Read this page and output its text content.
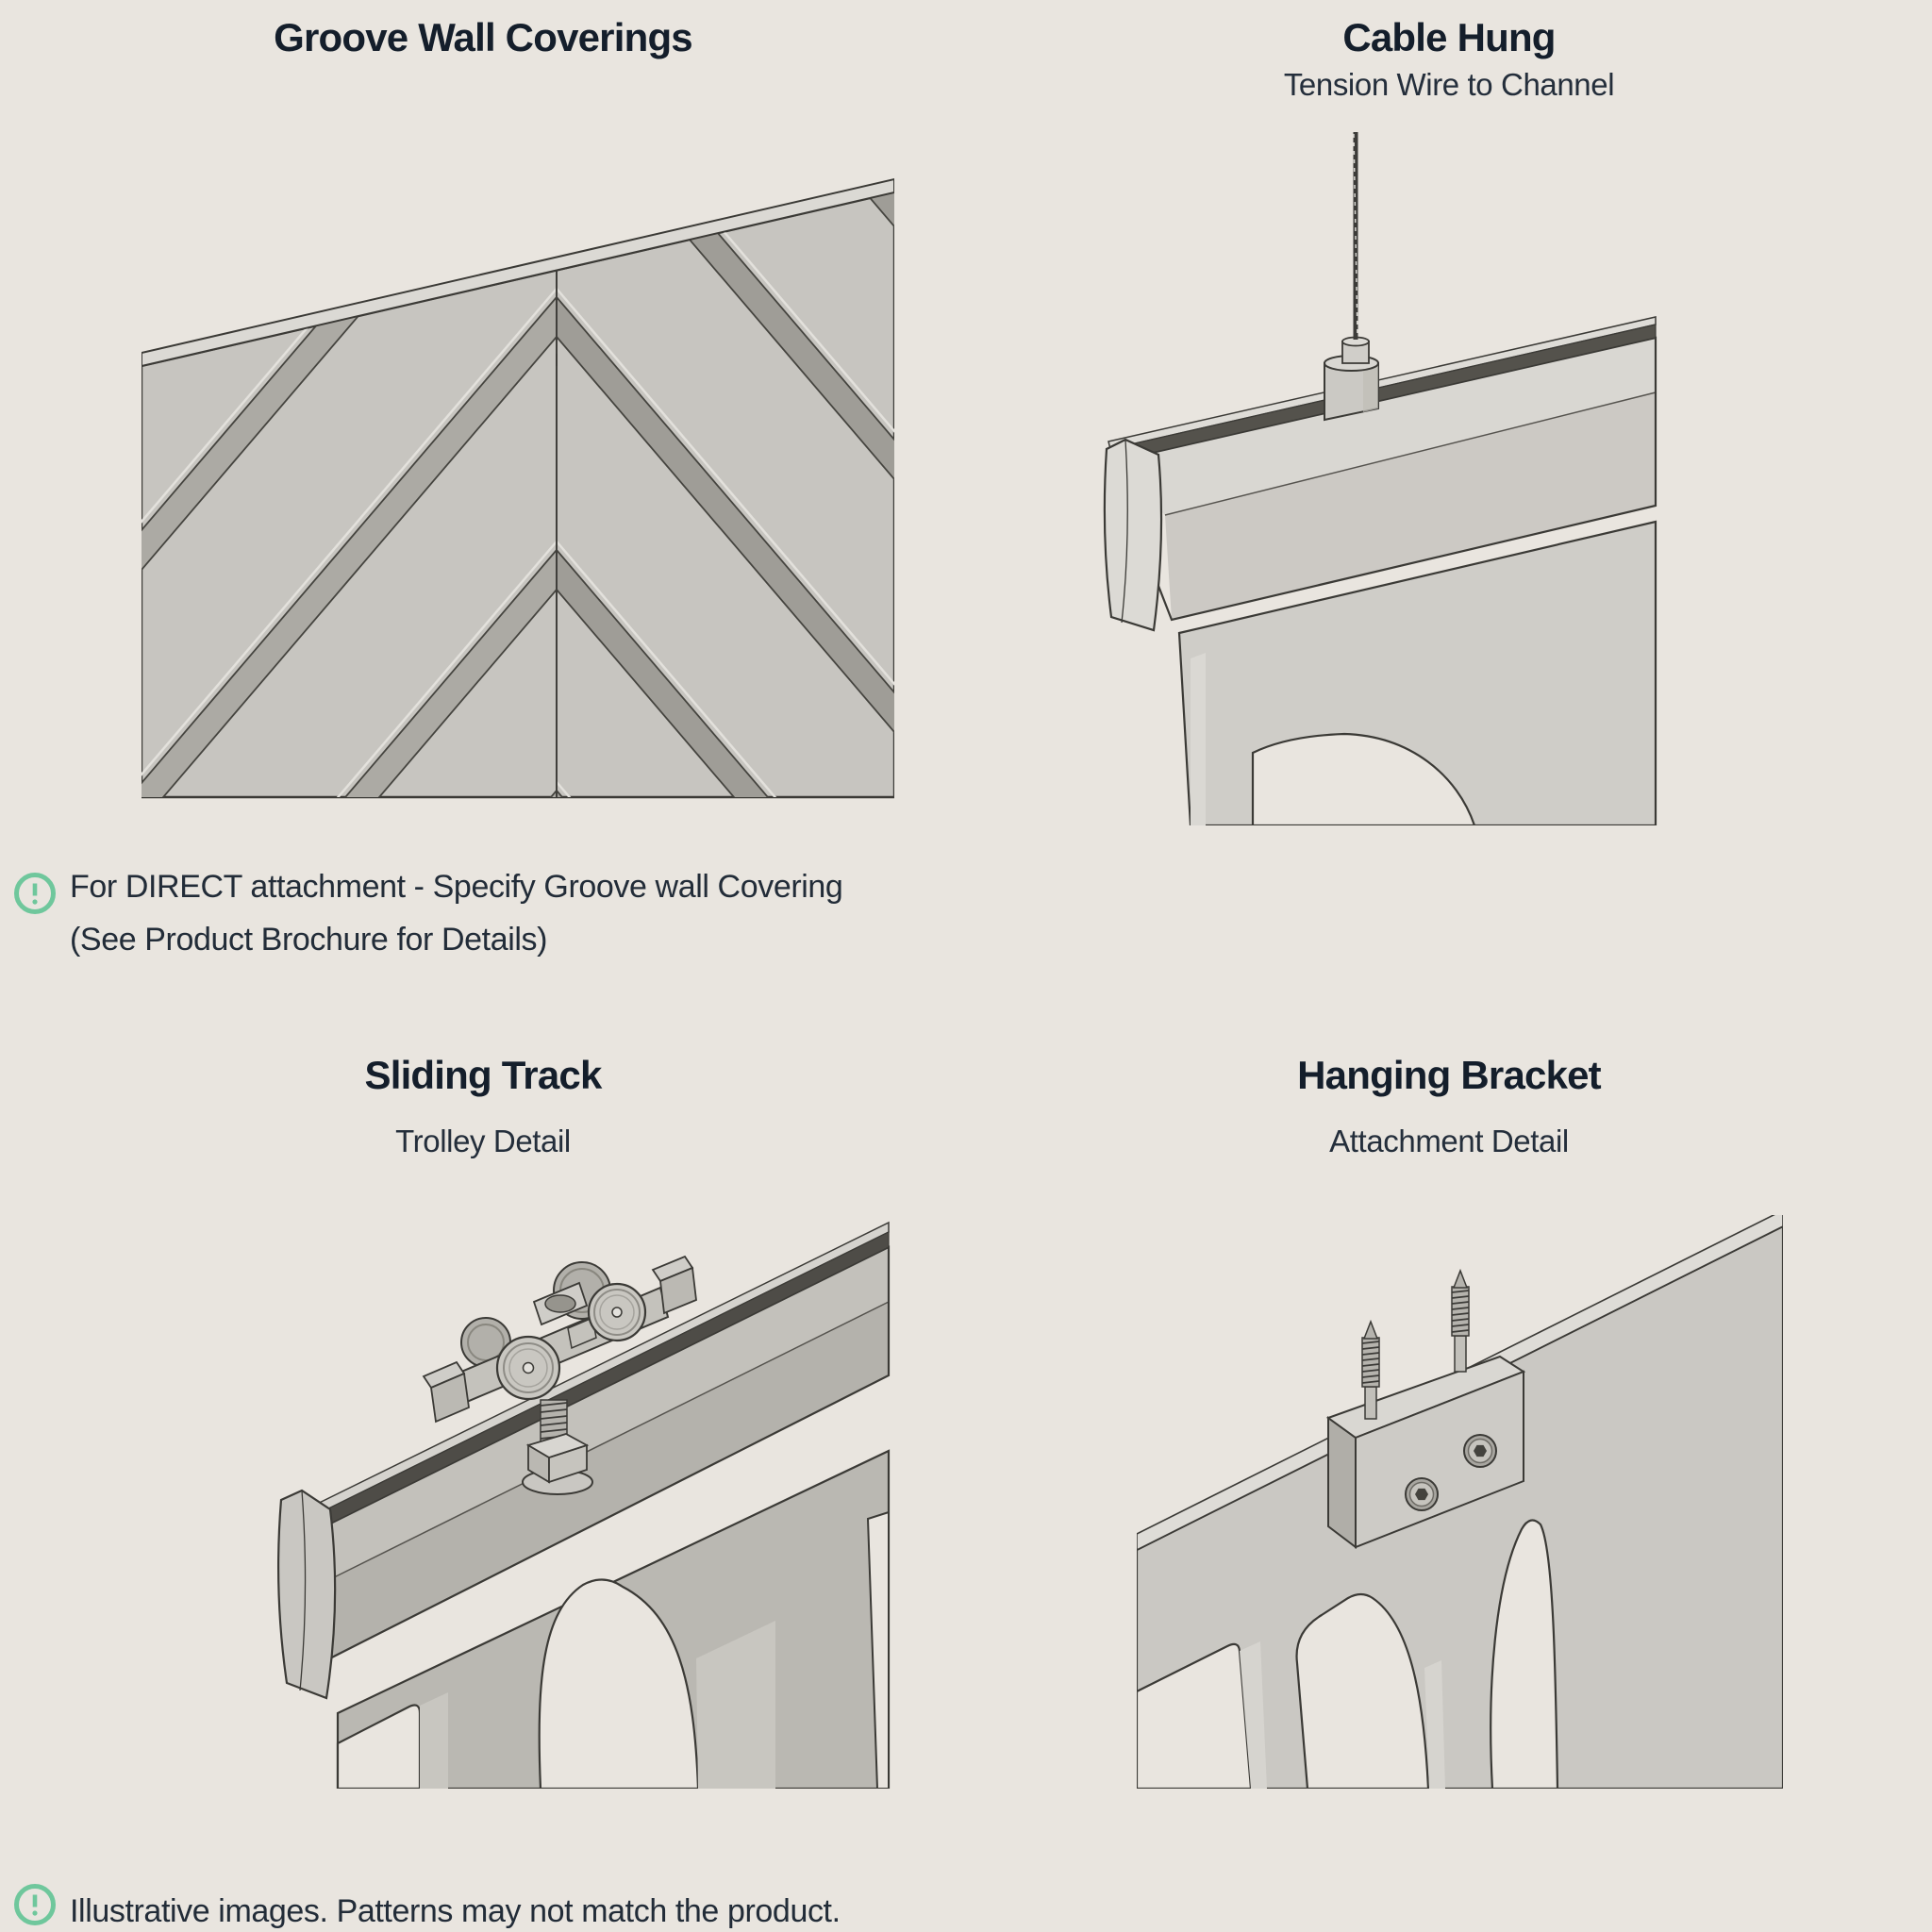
Groove Wall Coverings	Cable Hung
Tension Wire to Channel
Sliding Track
Trolley Detail
Hanging Bracket
Attachment Detail
For DIRECT attachment - Specify Groove wall Covering
(See Product Brochure for Details)
Illustrative images. Patterns may not match the product.
